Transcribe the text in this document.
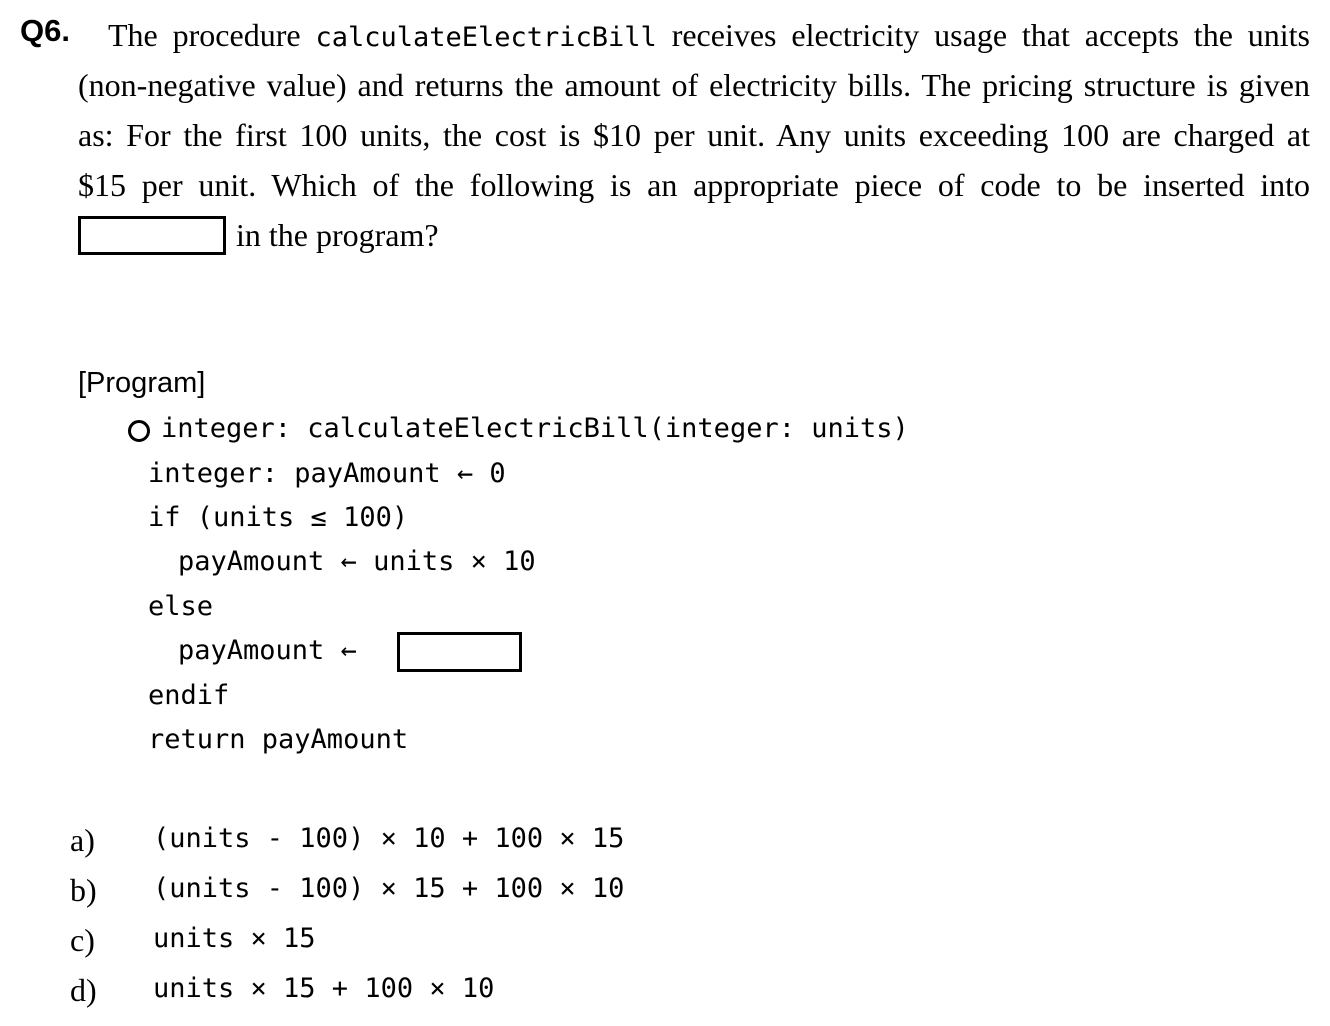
Q6. The procedure calculateElectricBill receives electricity usage that accepts the units
(non-negative value) and returns the amount of electricity bills. The pricing structure is given
as: For the first 100 units, the cost is $10 per unit. Any units exceeding 100 are charged at
$15 per unit. Which of the following is an appropriate piece of code to be inserted into
in the program?
[Program]
integer: calculateElectricBill(integer: units)
integer: payAmount ← 0
if (units ≤ 100)
payAmount ← units × 10
else
payAmount ←
endif
return payAmount
a) (units - 100) × 10 + 100 × 15
b) (units - 100) × 15 + 100 × 10
c) units × 15
d) units × 15 + 100 × 10
